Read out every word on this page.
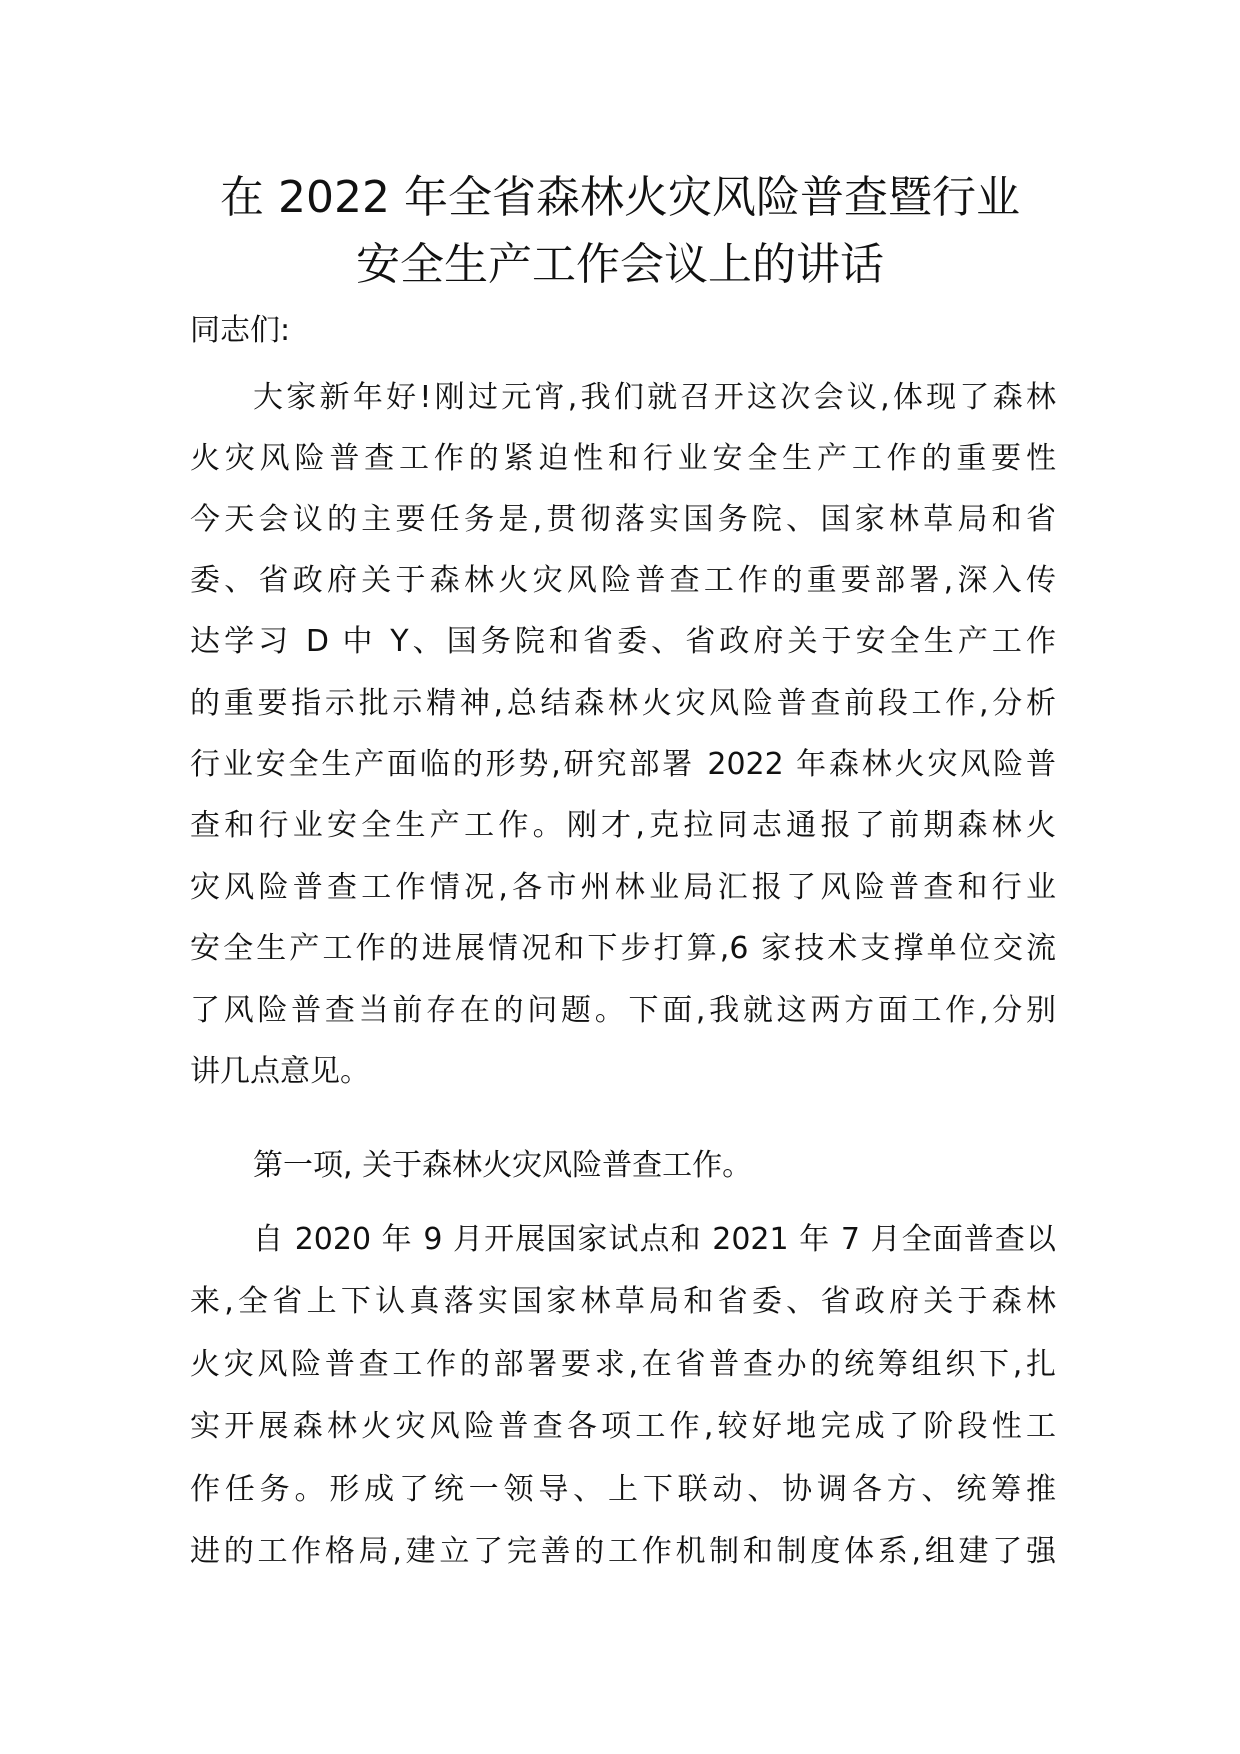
在 2022 年全省森林火灾风险普查暨行业
安全生产工作会议上的讲话
同志们:
大家新年好!刚过元宵,我们就召开这次会议,体现了森林
火灾风险普查工作的紧迫性和行业安全生产工作的重要性
今天会议的主要任务是,贯彻落实国务院、国家林草局和省
委、省政府关于森林火灾风险普查工作的重要部署,深入传
达学习 D 中 Y、国务院和省委、省政府关于安全生产工作
的重要指示批示精神,总结森林火灾风险普查前段工作,分析
行业安全生产面临的形势,研究部署 2022 年森林火灾风险普
查和行业安全生产工作。刚才,克拉同志通报了前期森林火
灾风险普查工作情况,各市州林业局汇报了风险普查和行业
安全生产工作的进展情况和下步打算,6 家技术支撑单位交流
了风险普查当前存在的问题。下面,我就这两方面工作,分别
讲几点意见。
第一项, 关于森林火灾风险普查工作。
自 2020 年 9 月开展国家试点和 2021 年 7 月全面普查以
来,全省上下认真落实国家林草局和省委、省政府关于森林
火灾风险普查工作的部署要求,在省普查办的统筹组织下,扎
实开展森林火灾风险普查各项工作,较好地完成了阶段性工
作任务。形成了统一领导、上下联动、协调各方、统筹推
进的工作格局,建立了完善的工作机制和制度体系,组建了强
